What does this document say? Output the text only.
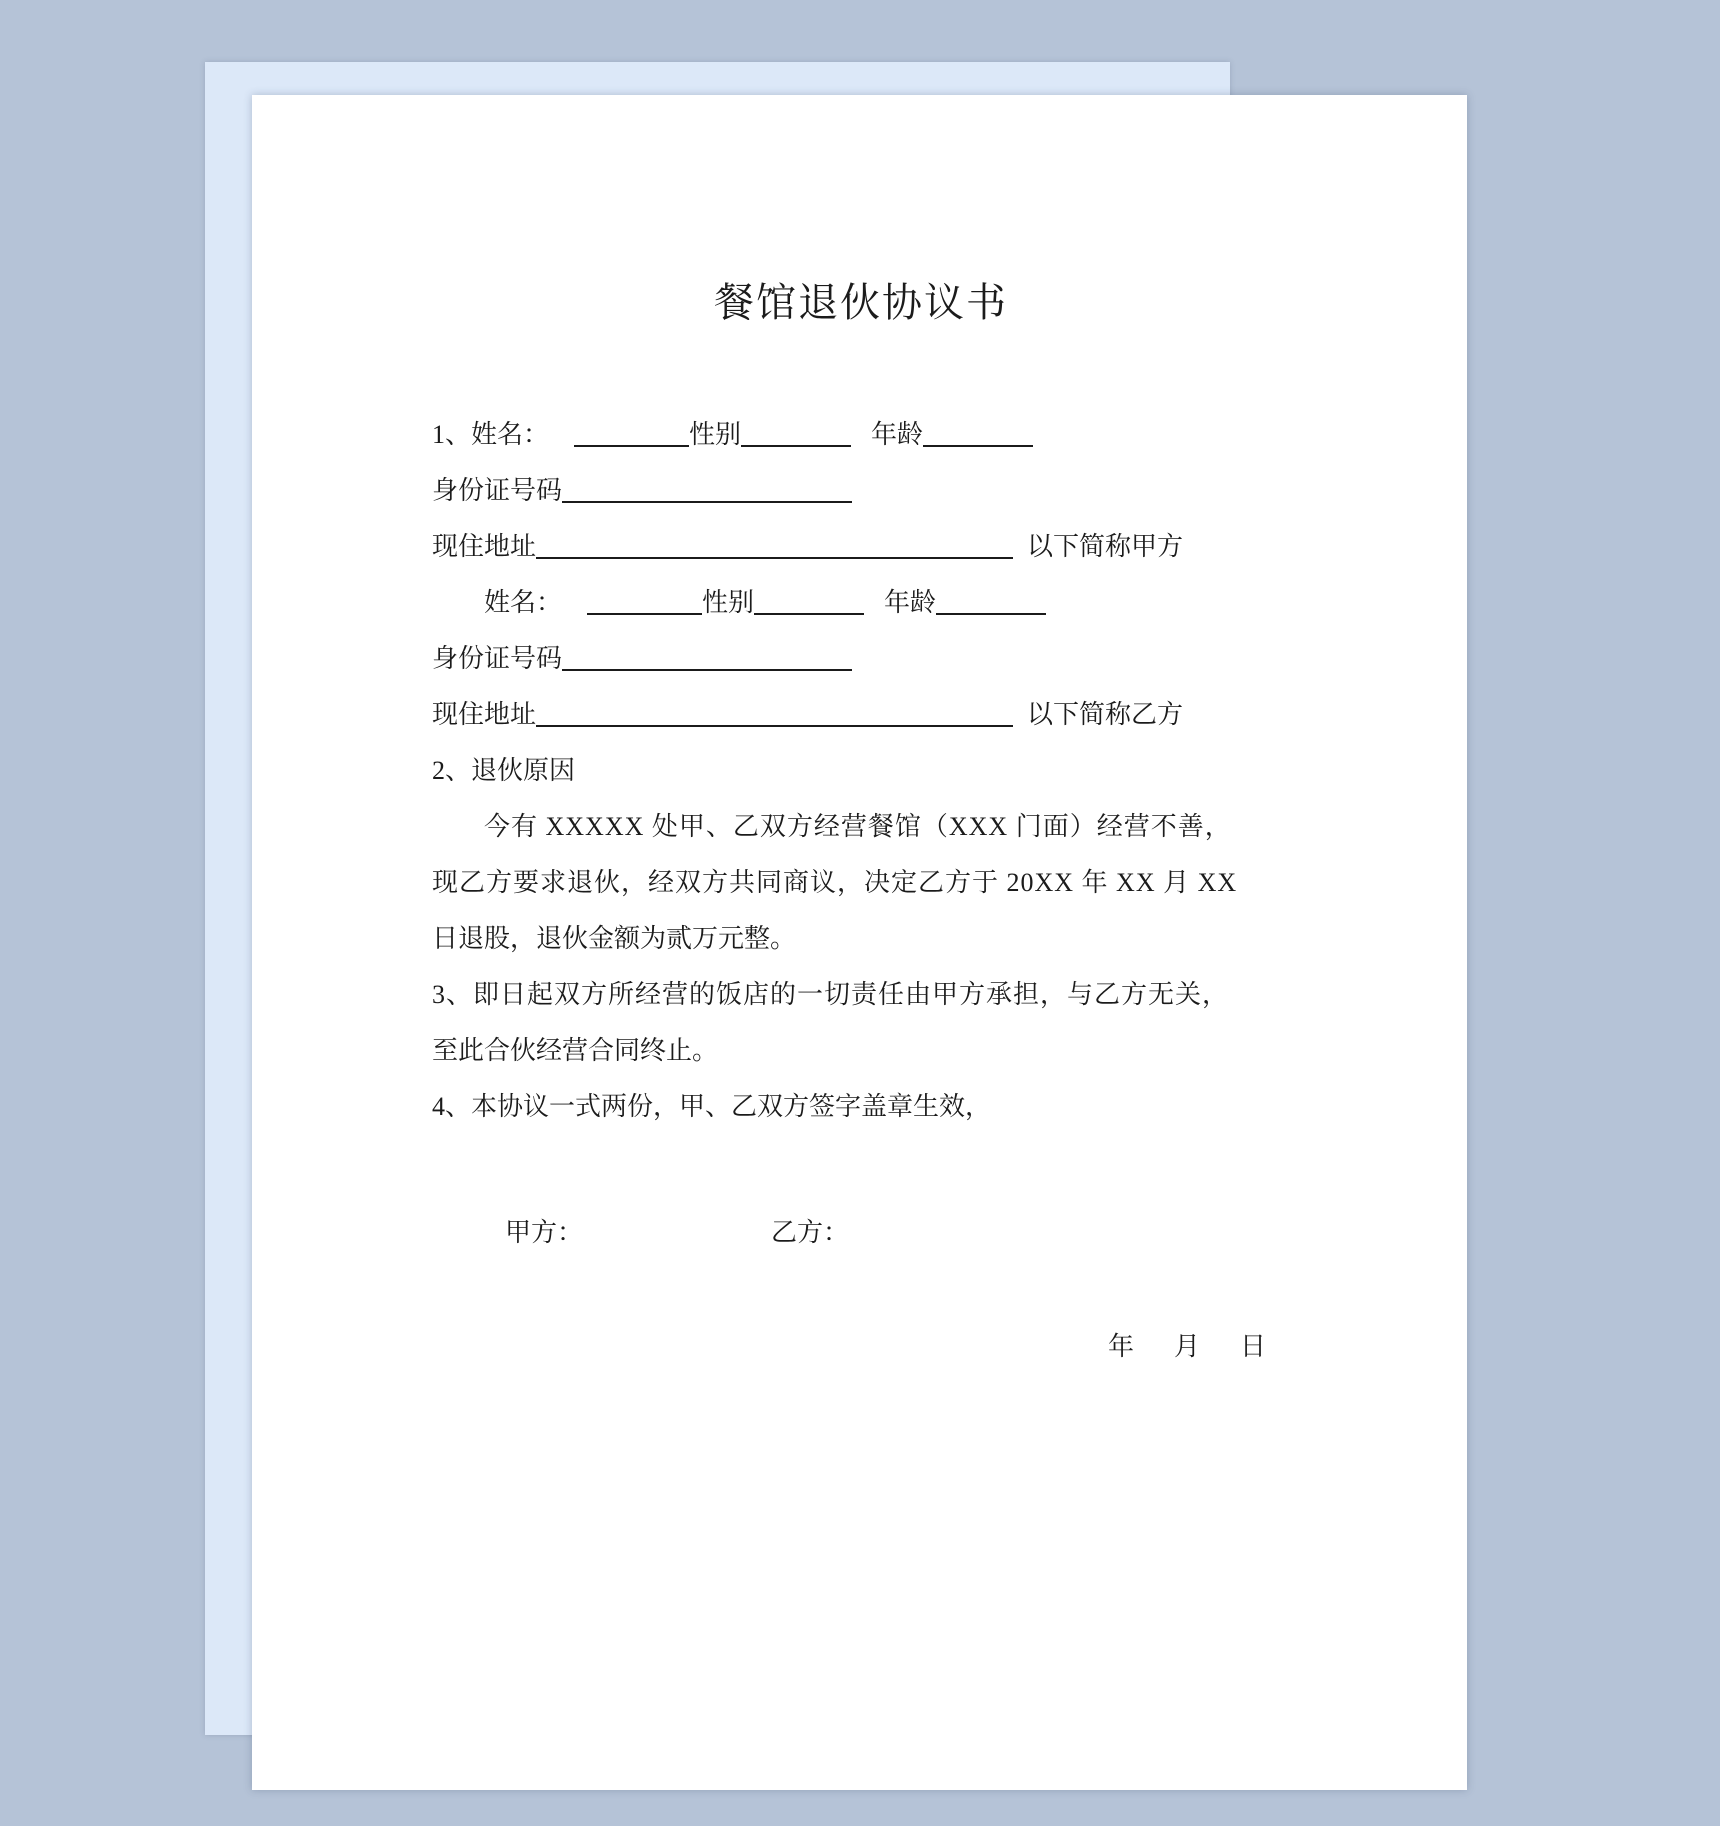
餐馆退伙协议书
1、姓名：	性别	年龄
身份证号码
现住地址	以下简称甲方
姓名：	性别	年龄
身份证号码
现住地址	以下简称乙方
2、退伙原因
今有 XXXXX 处甲、乙双方经营餐馆（XXX 门面）经营不善，
现乙方要求退伙，经双方共同商议，决定乙方于 20XX 年 XX 月 XX
日退股，退伙金额为贰万元整。
3、即日起双方所经营的饭店的一切责任由甲方承担，与乙方无关，
至此合伙经营合同终止。
4、本协议一式两份，甲、乙双方签字盖章生效，
甲方：	乙方：
年 月 日
